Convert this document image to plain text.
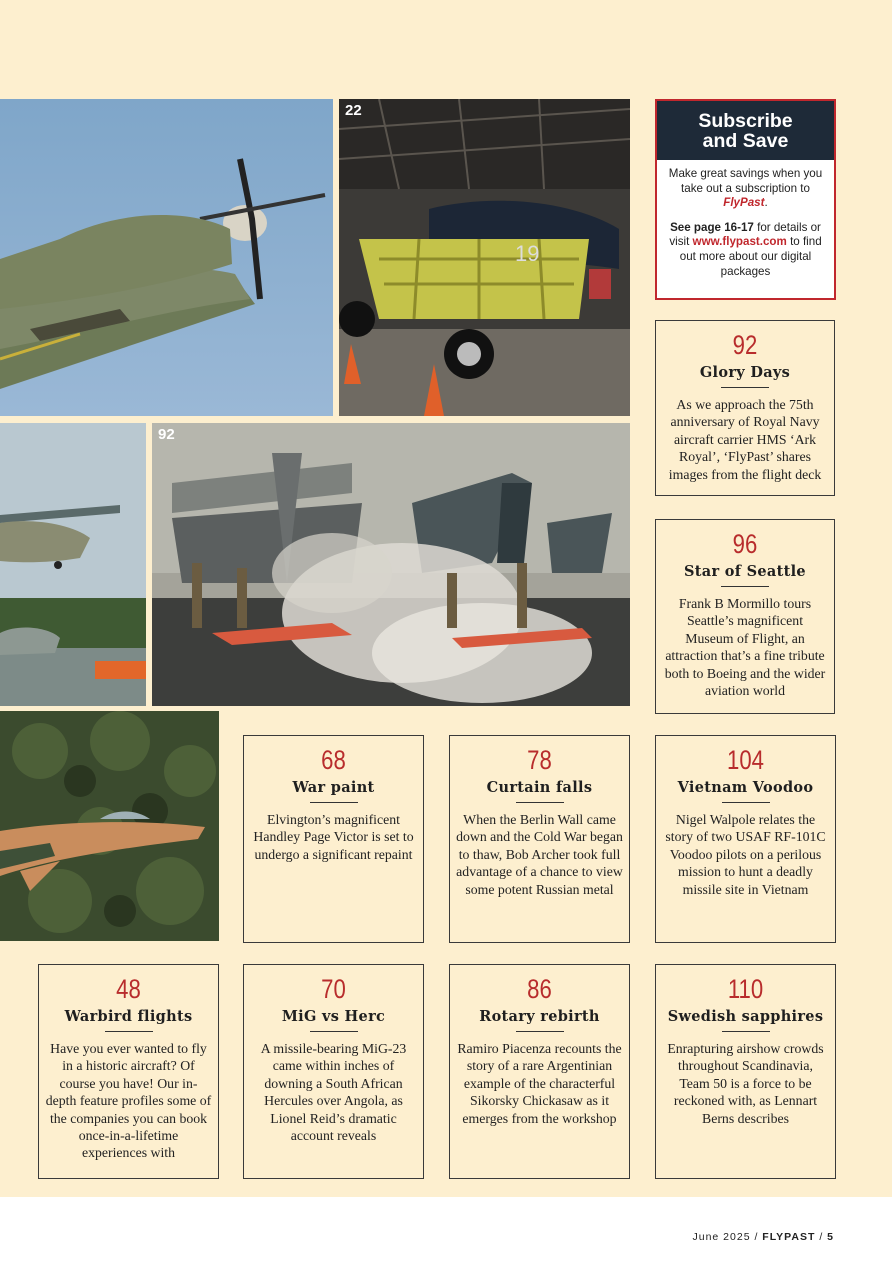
19
22
92
Subscribe
and Save

Make great savings when you take out a subscription to FlyPast.

See page 16-17 for details or visit www.flypast.com to find out more about our digital packages

92
Glory Days
As we approach the 75th anniversary of Royal Navy aircraft carrier HMS ‘Ark Royal’, ‘FlyPast’ shares images from the flight deck
96
Star of Seattle
Frank B Mormillo tours Seattle’s magnificent Museum of Flight, an attraction that’s a fine tribute both to Boeing and the wider aviation world
68
War paint
Elvington’s magnificent Handley Page Victor is set to undergo a significant repaint
78
Curtain falls
When the Berlin Wall came down and the Cold War began to thaw, Bob Archer took full advantage of a chance to view some potent Russian metal
104
Vietnam Voodoo
Nigel Walpole relates the story of two USAF RF-101C Voodoo pilots on a perilous mission to hunt a deadly missile site in Vietnam
48
Warbird flights
Have you ever wanted to fly in a historic aircraft? Of course you have! Our in-depth feature profiles some of the companies you can book once-in-a-lifetime experiences with
70
MiG vs Herc
A missile-bearing MiG-23 came within inches of downing a South African Hercules over Angola, as Lionel Reid’s dramatic account reveals
86
Rotary rebirth
Ramiro Piacenza recounts the story of a rare Argentinian example of the characterful Sikorsky Chickasaw as it emerges from the workshop
110
Swedish sapphires
Enrapturing airshow crowds throughout Scandinavia, Team 50 is a force to be reckoned with, as Lennart Berns describes
June 2025 / FLYPAST / 5
